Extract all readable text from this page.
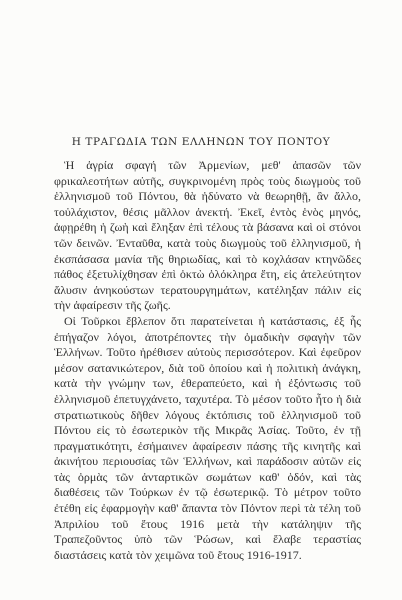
Η ΤΡΑΓΩΔΙΑ ΤΩΝ ΕΛΛΗΝΩΝ ΤΟΥ ΠΟΝΤΟΥ

Ἡ ἀγρία σφαγή τῶν Ἀρμενίων, μεθ' ἁπασῶν τῶν φρικαλεοτήτων αὐτῆς, συγκρινομένη πρὸς τοὺς διωγμοὺς τοῦ ἑλληνισμοῦ τοῦ Πόντου, θὰ ἠδύνατο νὰ θεωρηθῇ, ἂν ἄλλο, τοὐλάχιστον, θέσις μᾶλλον ἀνεκτή. Ἐκεῖ, ἐντὸς ἑνὸς μηνός, ἀφῃρέθη ἡ ζωὴ καὶ ἔληξαν ἐπὶ τέλους τὰ βάσανα καὶ οἱ στόνοι τῶν δεινῶν. Ἐνταῦθα, κατὰ τοὺς διωγμοὺς τοῦ ἑλληνισμοῦ, ἡ ἐκσπάσασα μανία τῆς θηριωδίας, καὶ τὸ κοχλάσαν κτηνῶδες πάθος ἐξετυλίχθησαν ἐπὶ ὀκτὼ ὁλόκληρα ἔτη, εἰς ἀτελεύτητον ἅλυσιν ἀνηκούστων τερατουργημάτων, κατέληξαν πάλιν εἰς τὴν ἀφαίρεσιν τῆς ζωῆς.

Οἱ Τοῦρκοι ἔβλεπον ὅτι παρατείνεται ἡ κατάστασις, ἐξ ἧς ἐπήγαζον λόγοι, ἀποτρέποντες τὴν ὁμαδικὴν σφαγὴν τῶν Ἑλλήνων. Τοῦτο ἠρέθισεν αὐτοὺς περισσότερον. Καὶ ἐφεῦρον μέσον σατανικώτερον, διὰ τοῦ ὁποίου καὶ ἡ πολιτικὴ ἀνάγκη, κατὰ τὴν γνώμην των, ἐθεραπεύετο, καὶ ἡ ἐξόντωσις τοῦ ἑλληνισμοῦ ἐπετυγχάνετο, ταχυτέρα. Τὸ μέσον τοῦτο ἦτο ἡ διὰ στρατιωτικοὺς δῆθεν λόγους ἐκτόπισις τοῦ ἑλληνισμοῦ τοῦ Πόντου εἰς τὸ ἐσωτερικὸν τῆς Μικρᾶς Ἀσίας. Τοῦτο, ἐν τῇ πραγματικότητι, ἐσήμαινεν ἀφαίρεσιν πάσης τῆς κινητῆς καὶ ἀκινήτου περιουσίας τῶν Ἑλλήνων, καὶ παράδοσιν αὐτῶν εἰς τὰς ὁρμὰς τῶν ἀνταρτικῶν σωμάτων καθ' ὁδόν, καὶ τὰς διαθέσεις τῶν Τούρκων ἐν τῷ ἐσωτερικῷ. Τὸ μέτρον τοῦτο ἐτέθη εἰς ἐφαρμογὴν καθ' ἅπαντα τὸν Πόντον περὶ τὰ τέλη τοῦ Ἀπριλίου τοῦ ἔτους 1916 μετὰ τὴν κατάληψιν τῆς Τραπεζοῦντος ὑπὸ τῶν Ῥώσων, καὶ ἔλαβε τεραστίας διαστάσεις κατὰ τὸν χειμῶνα τοῦ ἔτους 1916-1917.
